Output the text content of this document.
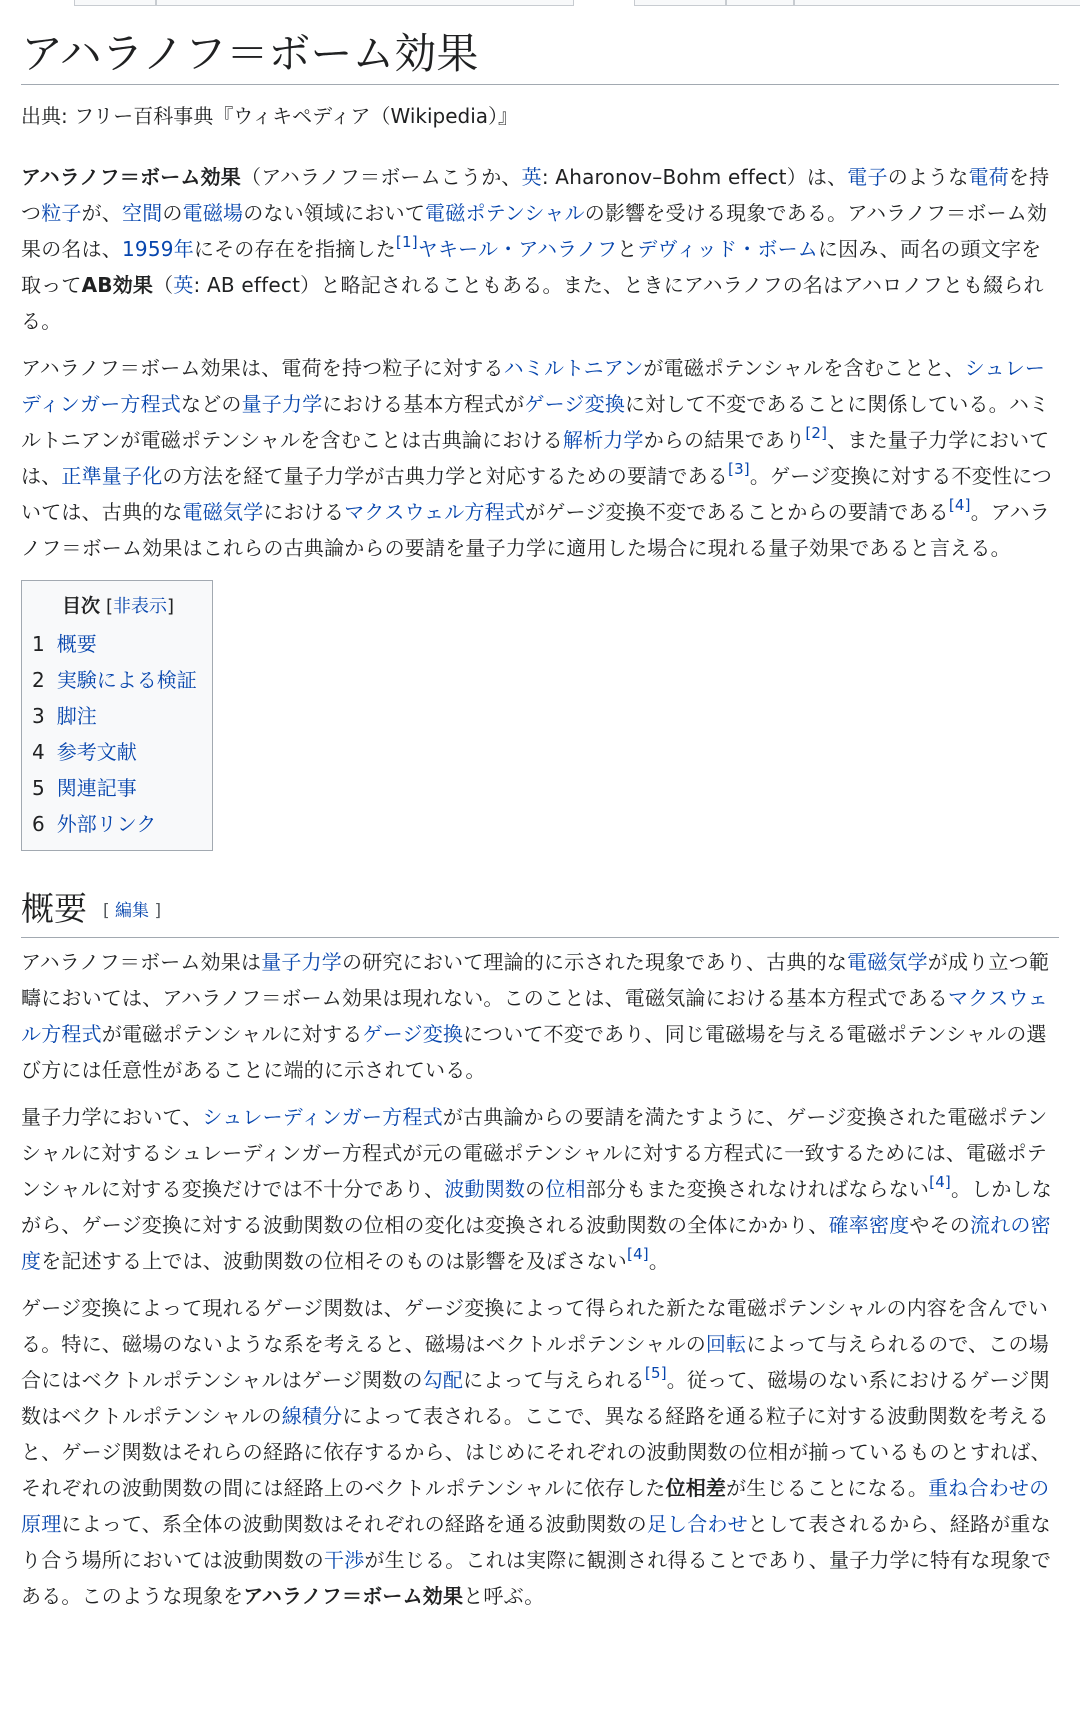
アハラノフ＝ボーム効果
出典: フリー百科事典『ウィキペディア（Wikipedia）』

アハラノフ＝ボーム効果（アハラノフ＝ボームこうか、英: Aharonov–Bohm effect）は、電子のような電荷を持つ粒子が、空間の電磁場のない領域において電磁ポテンシャルの影響を受ける現象である。アハラノフ＝ボーム効果の名は、1959年にその存在を指摘した[1]ヤキール・アハラノフとデヴィッド・ボームに因み、両名の頭文字を取ってAB効果（英: AB effect）と略記されることもある。また、ときにアハラノフの名はアハロノフとも綴られる。

アハラノフ＝ボーム効果は、電荷を持つ粒子に対するハミルトニアンが電磁ポテンシャルを含むことと、シュレーディンガー方程式などの量子力学における基本方程式がゲージ変換に対して不変であることに関係している。ハミルトニアンが電磁ポテンシャルを含むことは古典論における解析力学からの結果であり[2]、また量子力学においては、正準量子化の方法を経て量子力学が古典力学と対応するための要請である[3]。ゲージ変換に対する不変性については、古典的な電磁気学におけるマクスウェル方程式がゲージ変換不変であることからの要請である[4]。アハラノフ＝ボーム効果はこれらの古典論からの要請を量子力学に適用した場合に現れる量子効果であると言える。

目次 [非表示]
1 概要
2 実験による検証
3 脚注
4 参考文献
5 関連記事
6 外部リンク
概要 [ 編集 ]

アハラノフ＝ボーム効果は量子力学の研究において理論的に示された現象であり、古典的な電磁気学が成り立つ範疇においては、アハラノフ＝ボーム効果は現れない。このことは、電磁気論における基本方程式であるマクスウェル方程式が電磁ポテンシャルに対するゲージ変換について不変であり、同じ電磁場を与える電磁ポテンシャルの選び方には任意性があることに端的に示されている。

量子力学において、シュレーディンガー方程式が古典論からの要請を満たすように、ゲージ変換された電磁ポテンシャルに対するシュレーディンガー方程式が元の電磁ポテンシャルに対する方程式に一致するためには、電磁ポテンシャルに対する変換だけでは不十分であり、波動関数の位相部分もまた変換されなければならない[4]。しかしながら、ゲージ変換に対する波動関数の位相の変化は変換される波動関数の全体にかかり、確率密度やその流れの密度を記述する上では、波動関数の位相そのものは影響を及ぼさない[4]。

ゲージ変換によって現れるゲージ関数は、ゲージ変換によって得られた新たな電磁ポテンシャルの内容を含んでいる。特に、磁場のないような系を考えると、磁場はベクトルポテンシャルの回転によって与えられるので、この場合にはベクトルポテンシャルはゲージ関数の勾配によって与えられる[5]。従って、磁場のない系におけるゲージ関数はベクトルポテンシャルの線積分によって表される。ここで、異なる経路を通る粒子に対する波動関数を考えると、ゲージ関数はそれらの経路に依存するから、はじめにそれぞれの波動関数の位相が揃っているものとすれば、それぞれの波動関数の間には経路上のベクトルポテンシャルに依存した位相差が生じることになる。重ね合わせの原理によって、系全体の波動関数はそれぞれの経路を通る波動関数の足し合わせとして表されるから、経路が重なり合う場所においては波動関数の干渉が生じる。これは実際に観測され得ることであり、量子力学に特有な現象である。このような現象をアハラノフ＝ボーム効果と呼ぶ。
